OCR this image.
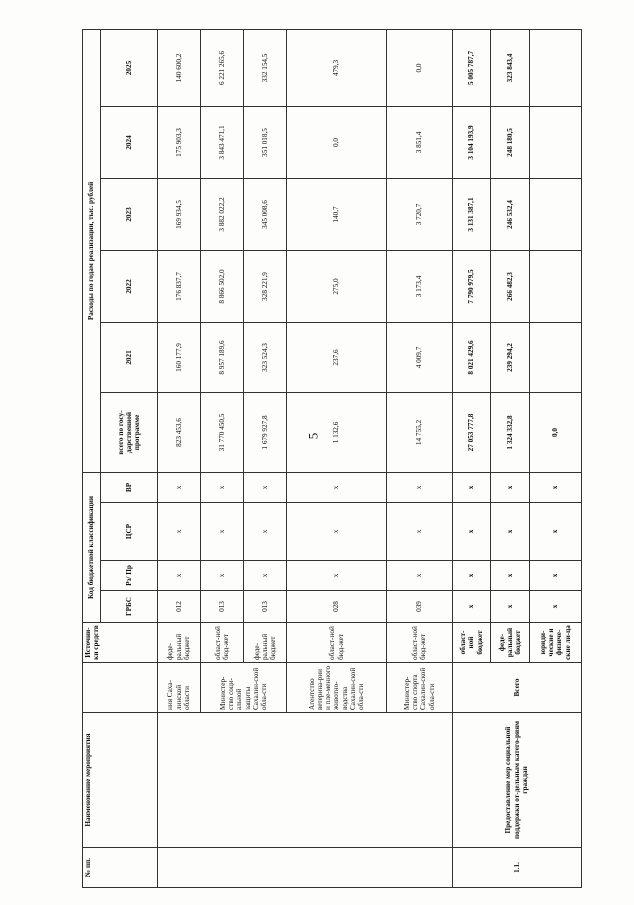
5
№ пп.	Наименование мероприятия		Источни-ки средств	Код бюджетной классификации				Расходы по годам реализации, тыс. рублей					
				ГРБС	Рз/ Пр	ЦСР	ВР	всего по госу-дарственной программе	2021	2022	2023	2024	2025
		ния Саха-линской области	феде-ральный бюджет	012	x	x	x	823 453,6	160 177,9	176 837,7	169 934,5	175 903,3	140 600,2
		Министер-ство соци-альной защиты Сахалин-ской обла-сти	област-ной бюд-жет	013	x	x	x	31 770 450,5	8 957 189,6	8 866 502,0	3 882 022,2	3 843 471,1	6 221 265,6
			феде-ральный бюджет	013	x	x	x	1 679 927,8	323 524,3	328 221,9	345 008,6	351 018,5	332 154,5
		Агентство ветерина-рии и пле-менного животно-водства Сахалин-ской обла-сти	област-ной бюд-жет	028	x	x	x	1 132,6	237,6	275,0	140,7	0,0	479,3
		Министер-ство спорта Сахалин-ской обла-сти	област-ной бюд-жет	039	x	x	x	14 755,2	4 009,7	3 173,4	3 720,7	3 851,4	0,0
1.1.	Предоставление мер социальной поддержки от-дельным катего-риям граждан	Всего	област-ной бюджет	x	x	x	x	27 053 777,8	8 021 429,6	7 790 979,5	3 131 387,1	3 104 193,9	5 005 787,7
			феде-ральный бюджет	x	x	x	x	1 324 332,8	239 294,2	266 482,3	246 532,4	248 180,5	323 843,4
			юриди-ческие и физиче-ские ли-ца	x	x	x	x	0,0					
